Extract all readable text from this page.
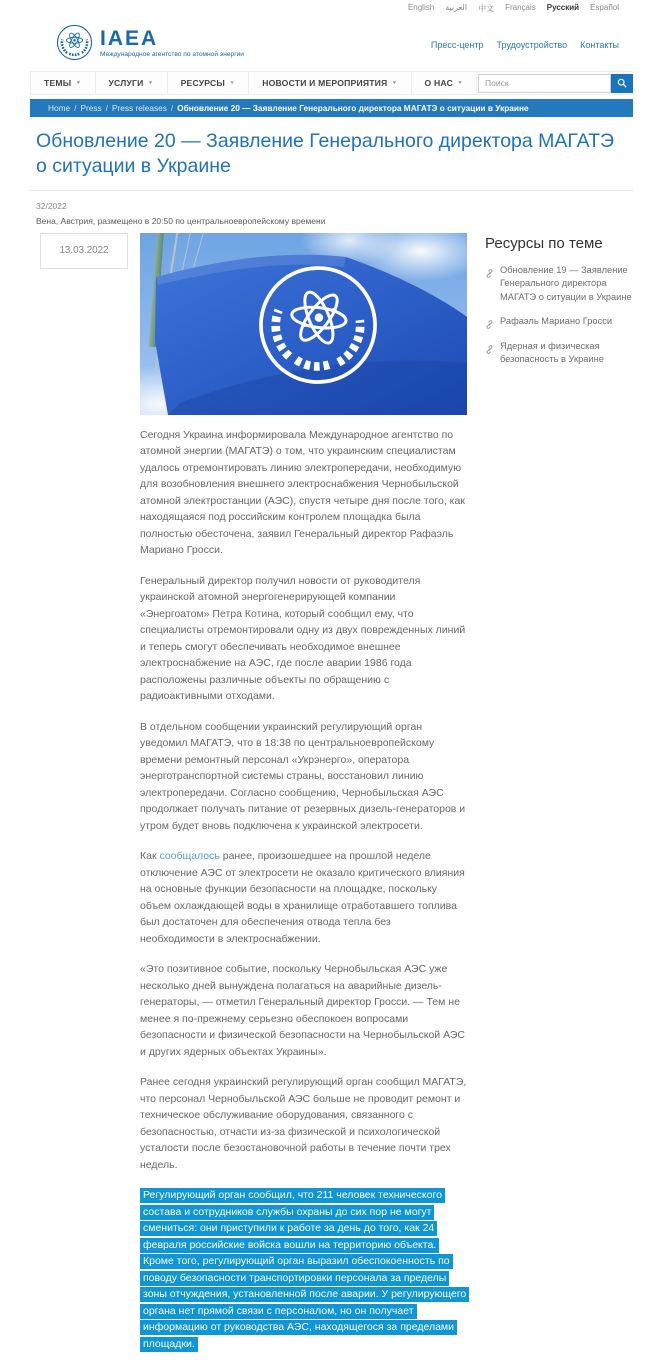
English العربية 中文 Français Русский Español
IAEA
Международное агентство по атомной энергии
Пресс-центр Трудоустройство Контакты
ТЕМЫ ▼	УСЛУГИ ▼	РЕСУРСЫ ▼	НОВОСТИ И МЕРОПРИЯТИЯ ▼	О НАС ▼
Поиск
Home / Press / Press releases / Обновление 20 — Заявление Генерального директора МАГАТЭ о ситуации в Украине
Обновление 20 — Заявление Генерального директора МАГАТЭ о ситуации в Украине
32/2022
Вена, Австрия, размещено в 20:50 по центральноевропейскому времени
13.03.2022

Сегодня Украина информировала Международное агентство по атомной энергии (МАГАТЭ) о том, что украинским специалистам удалось отремонтировать линию электропередачи, необходимую для возобновления внешнего электроснабжения Чернобыльской атомной электростанции (АЭС), спустя четыре дня после того, как находящаяся под российским контролем площадка была полностью обесточена, заявил Генеральный директор Рафаэль Мариано Гросси.

Генеральный директор получил новости от руководителя украинской атомной энергогенерирующей компании «Энергоатом» Петра Котина, который сообщил ему, что специалисты отремонтировали одну из двух поврежденных линий и теперь смогут обеспечивать необходимое внешнее электроснабжение на АЭС, где после аварии 1986 года расположены различные объекты по обращению с радиоактивными отходами.

В отдельном сообщении украинский регулирующий орган уведомил МАГАТЭ, что в 18:38 по центральноевропейскому времени ремонтный персонал «Укрэнерго», оператора энерготранспортной системы страны, восстановил линию электропередачи. Согласно сообщению, Чернобыльская АЭС продолжает получать питание от резервных дизель-генераторов и утром будет вновь подключена к украинской электросети.

Как сообщалось ранее, произошедшее на прошлой неделе отключение АЭС от электросети не оказало критического влияния на основные функции безопасности на площадке, поскольку объем охлаждающей воды в хранилище отработавшего топлива был достаточен для обеспечения отвода тепла без необходимости в электроснабжении.

«Это позитивное событие, поскольку Чернобыльская АЭС уже несколько дней вынуждена полагаться на аварийные дизель-генераторы, — отметил Генеральный директор Гросси. — Тем не менее я по-прежнему серьезно обеспокоен вопросами безопасности и физической безопасности на Чернобыльской АЭС и других ядерных объектах Украины».

Ранее сегодня украинский регулирующий орган сообщил МАГАТЭ, что персонал Чернобыльской АЭС больше не проводит ремонт и техническое обслуживание оборудования, связанного с безопасностью, отчасти из-за физической и психологической усталости после безостановочной работы в течение почти трех недель.

Регулирующий орган сообщил, что 211 человек технического состава и сотрудников службы охраны до сих пор не могут смениться: они приступили к работе за день до того, как 24 февраля российские войска вошли на территорию объекта. Кроме того, регулирующий орган выразил обеспокоенность по поводу безопасности транспортировки персонала за пределы зоны отчуждения, установленной после аварии. У регулирующего органа нет прямой связи с персоналом, но он получает информацию от руководства АЭС, находящегося за пределами площадки.

Ресурсы по теме
Обновление 19 — Заявление Генерального директора МАГАТЭ о ситуации в Украине
Рафаэль Мариано Гросси
Ядерная и физическая безопасность в Украине
